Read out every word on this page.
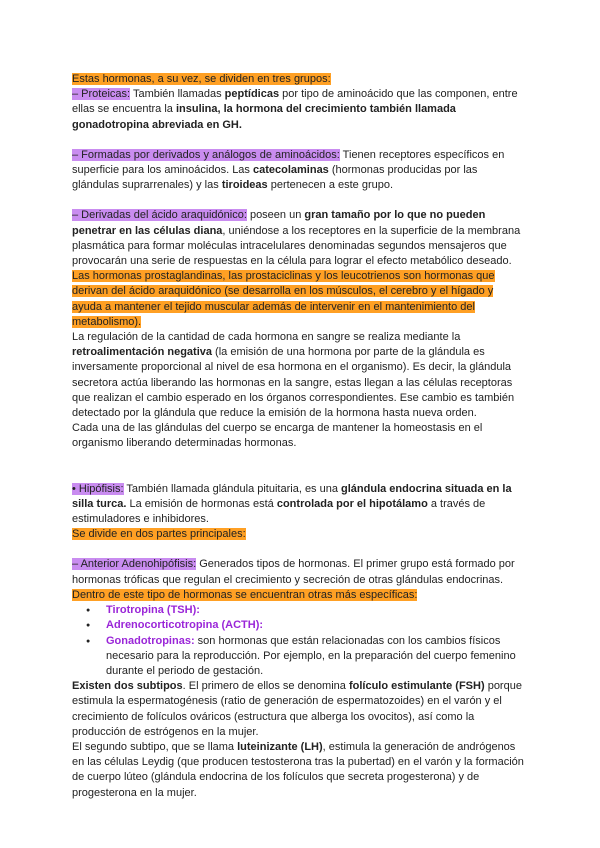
Estas hormonas, a su vez, se dividen en tres grupos:

– Proteicas: También llamadas peptídicas por tipo de aminoácido que las componen, entre ellas se encuentra la insulina, la hormona del crecimiento también llamada gonadotropina abreviada en GH.

– Formadas por derivados y análogos de aminoácidos: Tienen receptores específicos en superficie para los aminoácidos. Las catecolaminas (hormonas producidas por las glándulas suprarrenales) y las tiroideas pertenecen a este grupo.

– Derivadas del ácido araquidónico: poseen un gran tamaño por lo que no pueden penetrar en las células diana, uniéndose a los receptores en la superficie de la membrana plasmática para formar moléculas intracelulares denominadas segundos mensajeros que provocarán una serie de respuestas en la célula para lograr el efecto metabólico deseado. Las hormonas prostaglandinas, las prostaciclinas y los leucotrienos son hormonas que derivan del ácido araquidónico (se desarrolla en los músculos, el cerebro y el hígado y ayuda a mantener el tejido muscular además de intervenir en el mantenimiento del metabolismo).

La regulación de la cantidad de cada hormona en sangre se realiza mediante la retroalimentación negativa (la emisión de una hormona por parte de la glándula es inversamente proporcional al nivel de esa hormona en el organismo). Es decir, la glándula secretora actúa liberando las hormonas en la sangre, estas llegan a las células receptoras que realizan el cambio esperado en los órganos correspondientes. Ese cambio es también detectado por la glándula que reduce la emisión de la hormona hasta nueva orden.

Cada una de las glándulas del cuerpo se encarga de mantener la homeostasis en el organismo liberando determinadas hormonas.

• Hipófisis: También llamada glándula pituitaria, es una glándula endocrina situada en la silla turca. La emisión de hormonas está controlada por el hipotálamo a través de estimuladores e inhibidores.

Se divide en dos partes principales:

– Anterior Adenohipófisis: Generados tipos de hormonas. El primer grupo está formado por hormonas tróficas que regulan el crecimiento y secreción de otras glándulas endocrinas. Dentro de este tipo de hormonas se encuentran otras más específicas:

● Tirotropina (TSH):
● Adrenocorticotropina (ACTH):
● Gonadotropinas: son hormonas que están relacionadas con los cambios físicos necesario para la reproducción. Por ejemplo, en la preparación del cuerpo femenino durante el periodo de gestación.

Existen dos subtipos. El primero de ellos se denomina folículo estimulante (FSH) porque estimula la espermatogénesis (ratio de generación de espermatozoides) en el varón y el crecimiento de folículos ováricos (estructura que alberga los ovocitos), así como la producción de estrógenos en la mujer.

El segundo subtipo, que se llama luteinizante (LH), estimula la generación de andrógenos en las células Leydig (que producen testosterona tras la pubertad) en el varón y la formación de cuerpo lúteo (glándula endocrina de los folículos que secreta progesterona) y de progesterona en la mujer.
